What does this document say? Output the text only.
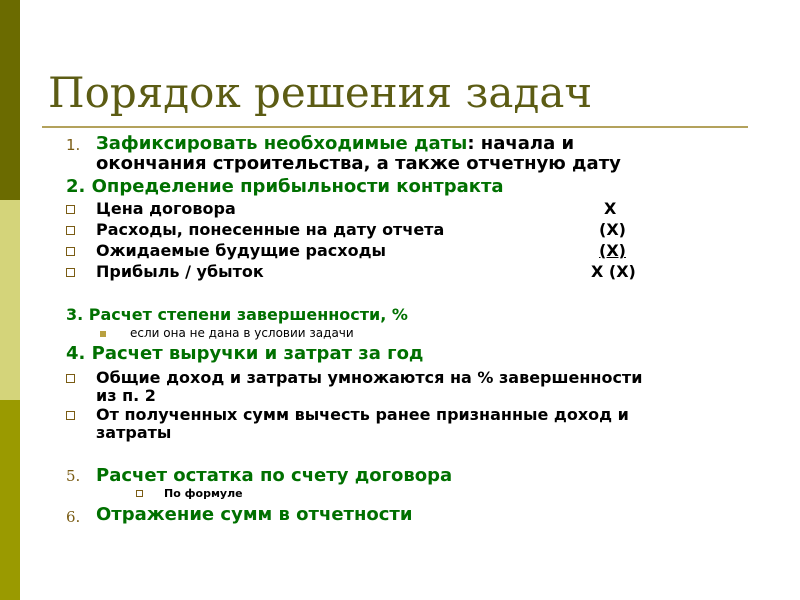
Порядок решения задач
1. Зафиксировать необходимые даты: начала и
окончания строительства, а также отчетную дату
2. Определение прибыльности контракта
Цена договора	X
Расходы, понесенные на дату отчета	(X)
Ожидаемые будущие расходы	(X)
Прибыль / убыток	X (X)
3. Расчет степени завершенности, %
если она не дана в условии задачи
4. Расчет выручки и затрат за год
Общие доход и затраты умножаются на % завершенности
из п. 2
От полученных сумм вычесть ранее признанные доход и
затраты
5. Расчет остатка по счету договора
По формуле
6. Отражение сумм в отчетности
